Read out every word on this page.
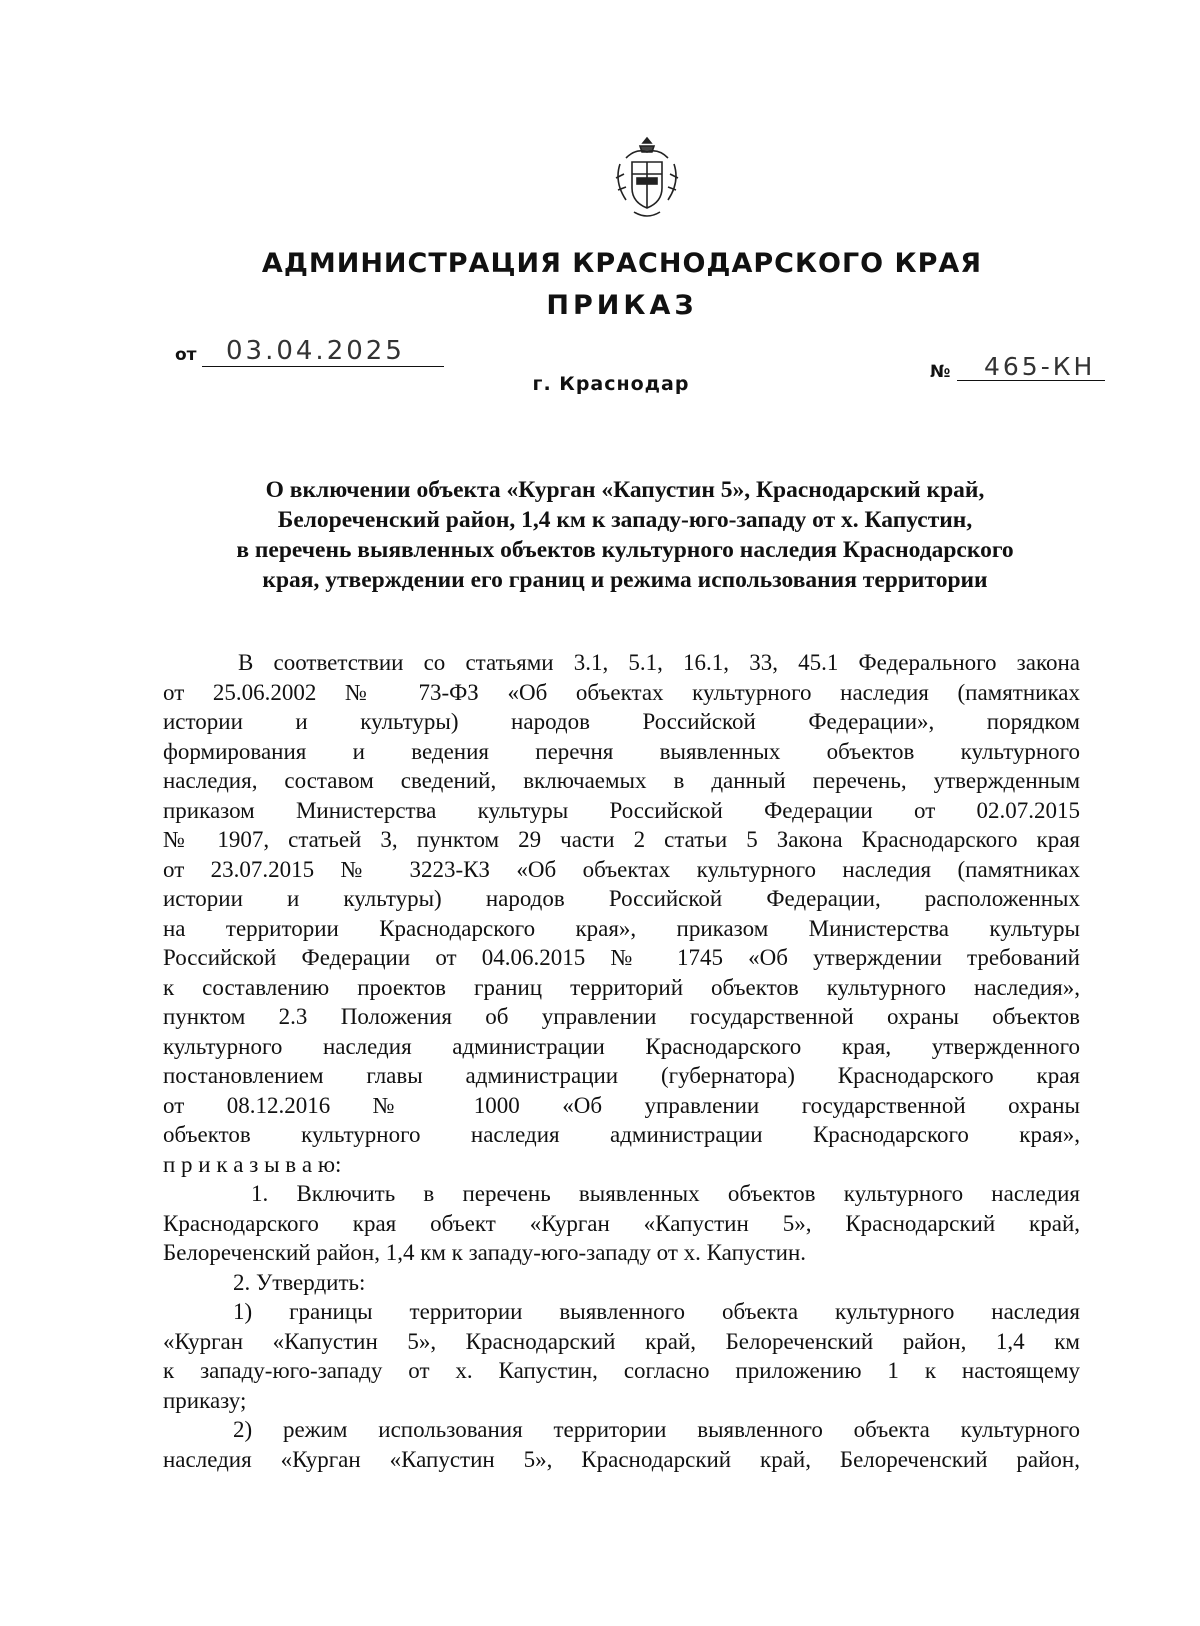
АДМИНИСТРАЦИЯ КРАСНОДАРСКОГО КРАЯ
ПРИКАЗ
от 03.04.2025
№ 465-КН
г. Краснодар
О включении объекта «Курган «Капустин 5», Краснодарский край,
Белореченский район, 1,4 км к западу-юго-западу от х. Капустин,
в перечень выявленных объектов культурного наследия Краснодарского
края, утверждении его границ и режима использования территории
В соответствии со статьями 3.1, 5.1, 16.1, 33, 45.1 Федерального закона
от 25.06.2002 № 73-ФЗ «Об объектах культурного наследия (памятниках
истории и культуры) народов Российской Федерации», порядком
формирования и ведения перечня выявленных объектов культурного
наследия, составом сведений, включаемых в данный перечень, утвержденным
приказом Министерства культуры Российской Федерации от 02.07.2015
№ 1907, статьей 3, пунктом 29 части 2 статьи 5 Закона Краснодарского края
от 23.07.2015 № 3223-КЗ «Об объектах культурного наследия (памятниках
истории и культуры) народов Российской Федерации, расположенных
на территории Краснодарского края», приказом Министерства культуры
Российской Федерации от 04.06.2015 № 1745 «Об утверждении требований
к составлению проектов границ территорий объектов культурного наследия»,
пунктом 2.3 Положения об управлении государственной охраны объектов
культурного наследия администрации Краснодарского края, утвержденного
постановлением главы администрации (губернатора) Краснодарского края
от 08.12.2016 № 1000 «Об управлении государственной охраны
объектов культурного наследия администрации Краснодарского края»,
п р и к а з ы в а ю:
1. Включить в перечень выявленных объектов культурного наследия
Краснодарского края объект «Курган «Капустин 5», Краснодарский край,
Белореченский район, 1,4 км к западу-юго-западу от х. Капустин.
2. Утвердить:
1) границы территории выявленного объекта культурного наследия
«Курган «Капустин 5», Краснодарский край, Белореченский район, 1,4 км
к западу-юго-западу от х. Капустин, согласно приложению 1 к настоящему
приказу;
2) режим использования территории выявленного объекта культурного
наследия «Курган «Капустин 5», Краснодарский край, Белореченский район,
